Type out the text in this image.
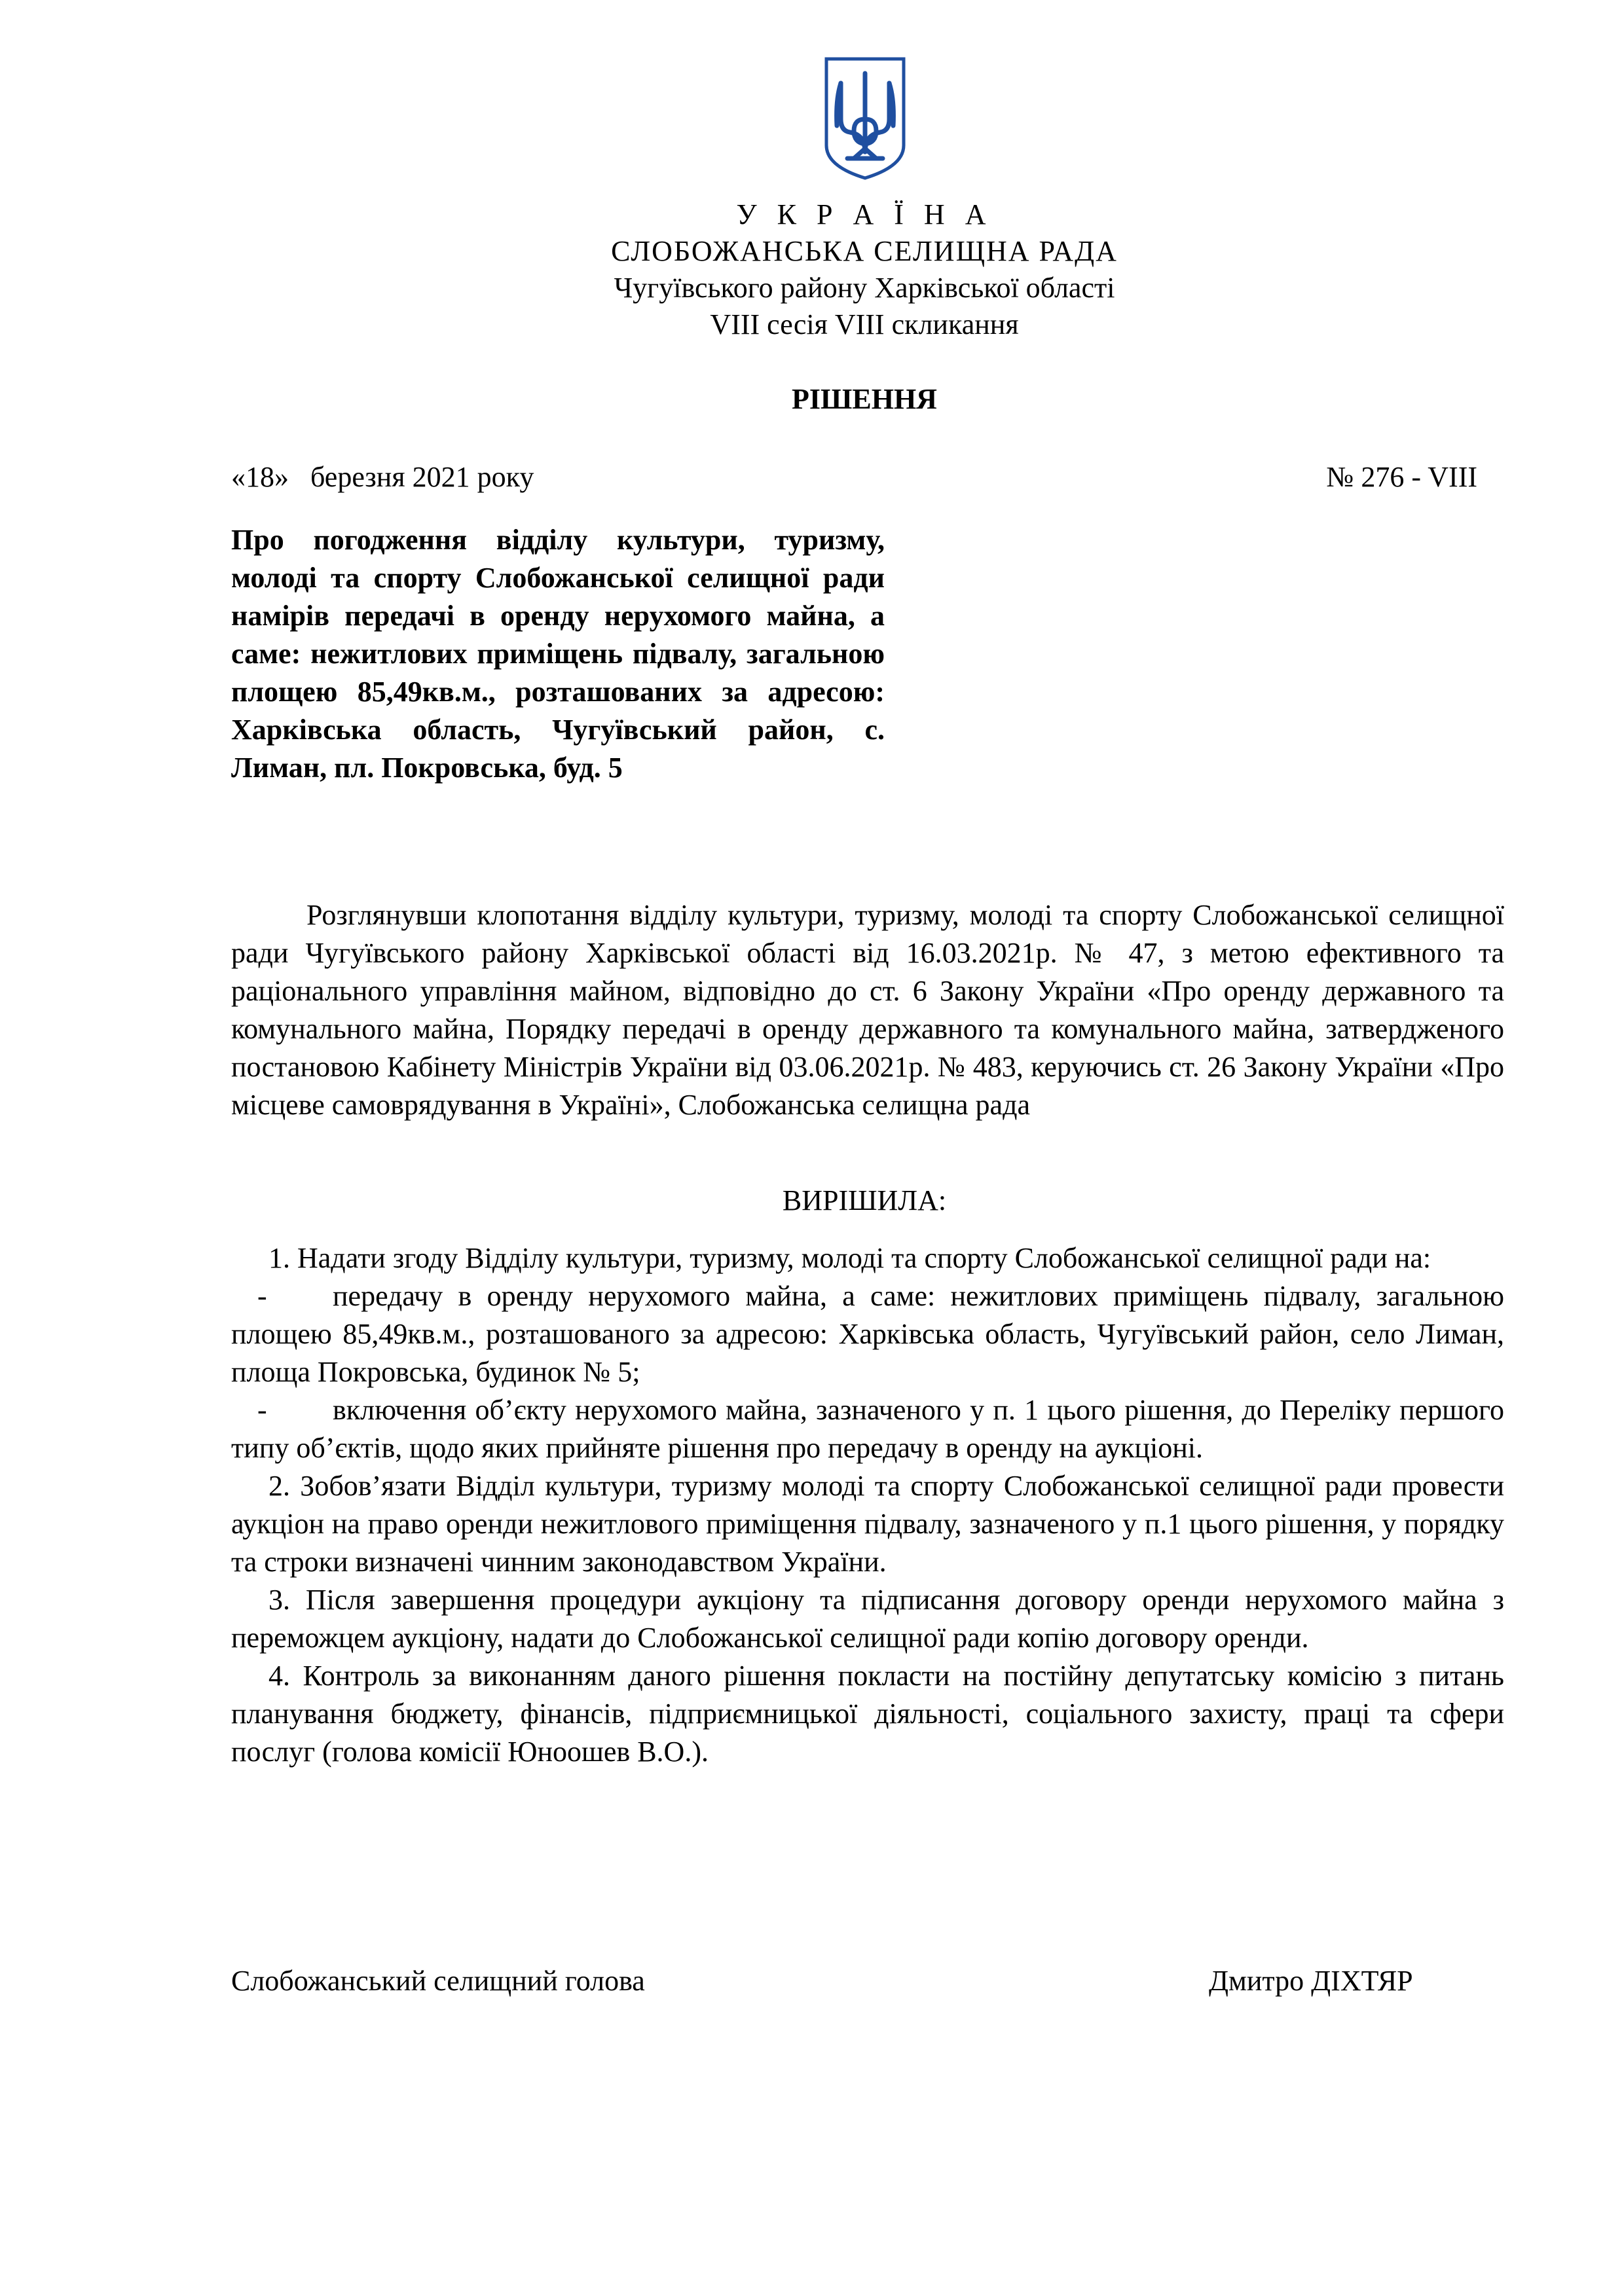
У К Р А Ї Н А
СЛОБОЖАНСЬКА СЕЛИЩНА РАДА
Чугуївського району Харківської області
VIII сесія VIII скликання
РІШЕННЯ
«18»   березня 2021 року	№ 276 - VIII
Про погодження відділу культури, туризму, молоді та спорту Слобожанської селищної ради намірів передачі в оренду нерухомого майна, а саме: нежитлових приміщень підвалу, загальною площею 85,49кв.м., розташованих за адресою: Харківська область, Чугуївський район, с. Лиман, пл. Покровська, буд. 5

Розглянувши клопотання відділу культури, туризму, молоді та спорту Слобожанської селищної ради Чугуївського району Харківської області від 16.03.2021р. № 47, з метою ефективного та раціонального управління майном, відповідно до ст. 6 Закону України «Про оренду державного та комунального майна, Порядку передачі в оренду державного та комунального майна, затвердженого постановою Кабінету Міністрів України від 03.06.2021р. № 483, керуючись ст. 26 Закону України «Про місцеве самоврядування в Україні», Слобожанська селищна рада

ВИРІШИЛА:

1. Надати згоду Відділу культури, туризму, молоді та спорту Слобожанської селищної ради на:

- передачу в оренду нерухомого майна, а саме: нежитлових приміщень підвалу, загальною площею 85,49кв.м., розташованого за адресою: Харківська область, Чугуївський район, село Лиман, площа Покровська, будинок № 5;

- включення об’єкту нерухомого майна, зазначеного у п. 1 цього рішення, до Переліку першого типу об’єктів, щодо яких прийняте рішення про передачу в оренду на аукціоні.

2. Зобов’язати Відділ культури, туризму молоді та спорту Слобожанської селищної ради провести аукціон на право оренди нежитлового приміщення підвалу, зазначеного у п.1 цього рішення, у порядку та строки визначені чинним законодавством України.

3. Після завершення процедури аукціону та підписання договору оренди нерухомого майна з переможцем аукціону, надати до Слобожанської селищної ради копію договору оренди.

4. Контроль за виконанням даного рішення покласти на постійну депутатську комісію з питань планування бюджету, фінансів, підприємницької діяльності, соціального захисту, праці та сфери послуг (голова комісії Юноошев В.О.).

Слобожанський селищний голова	Дмитро ДІХТЯР
